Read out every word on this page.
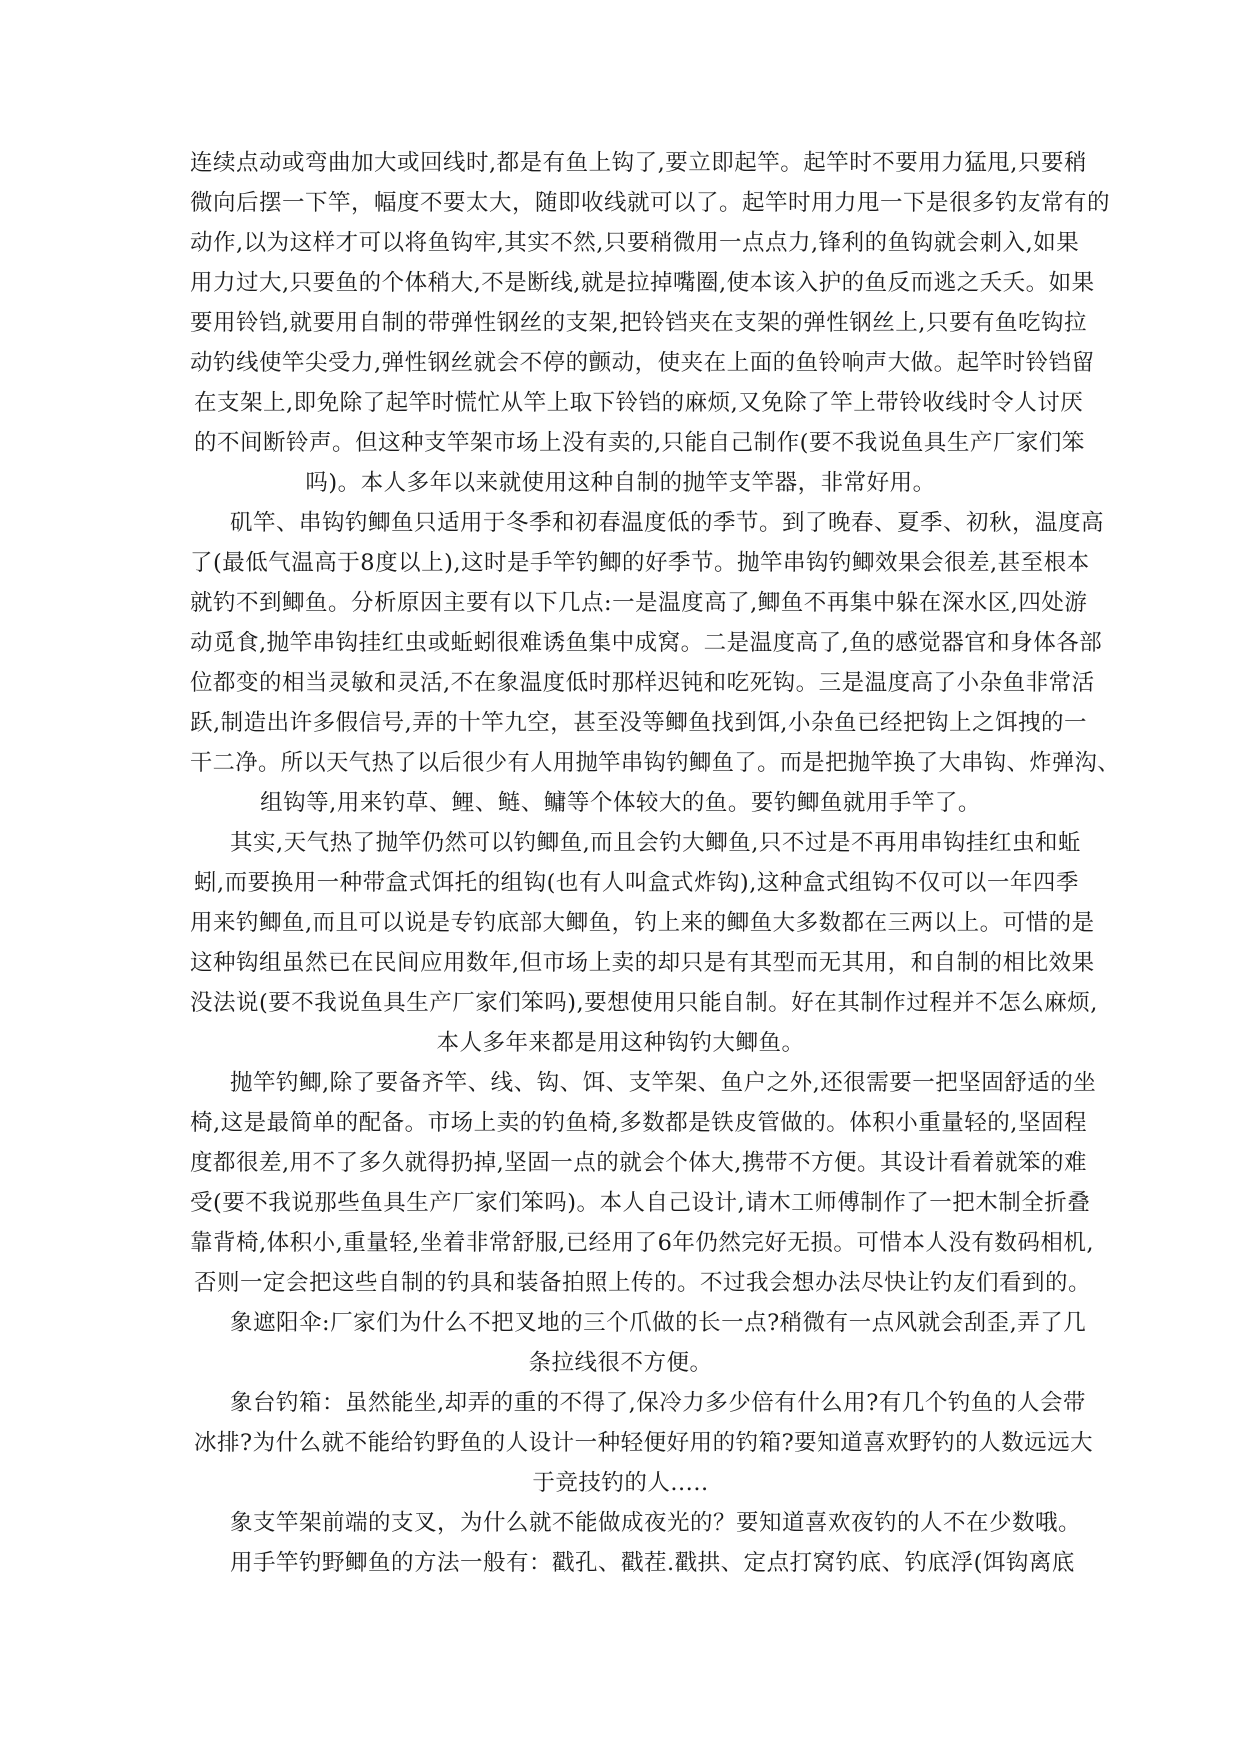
连续点动或弯曲加大或回线时,都是有鱼上钩了,要立即起竿。起竿时不要用力猛甩,只要稍
微向后摆一下竿，幅度不要太大，随即收线就可以了。起竿时用力甩一下是很多钓友常有的
动作,以为这样才可以将鱼钩牢,其实不然,只要稍微用一点点力,锋利的鱼钩就会刺入,如果
用力过大,只要鱼的个体稍大,不是断线,就是拉掉嘴圈,使本该入护的鱼反而逃之夭夭。如果
要用铃铛,就要用自制的带弹性钢丝的支架,把铃铛夹在支架的弹性钢丝上,只要有鱼吃钩拉
动钓线使竿尖受力,弹性钢丝就会不停的颤动，使夹在上面的鱼铃响声大做。起竿时铃铛留
在支架上,即免除了起竿时慌忙从竿上取下铃铛的麻烦,又免除了竿上带铃收线时令人讨厌
的不间断铃声。但这种支竿架市场上没有卖的,只能自己制作(要不我说鱼具生产厂家们笨
吗)。本人多年以来就使用这种自制的抛竿支竿器，非常好用。
矶竿、串钩钓鲫鱼只适用于冬季和初春温度低的季节。到了晚春、夏季、初秋，温度高
了(最低气温高于8度以上),这时是手竿钓鲫的好季节。抛竿串钩钓鲫效果会很差,甚至根本
就钓不到鲫鱼。分析原因主要有以下几点:一是温度高了,鲫鱼不再集中躲在深水区,四处游
动觅食,抛竿串钩挂红虫或蚯蚓很难诱鱼集中成窝。二是温度高了,鱼的感觉器官和身体各部
位都变的相当灵敏和灵活,不在象温度低时那样迟钝和吃死钩。三是温度高了小杂鱼非常活
跃,制造出许多假信号,弄的十竿九空，甚至没等鲫鱼找到饵,小杂鱼已经把钩上之饵拽的一
干二净。所以天气热了以后很少有人用抛竿串钩钓鲫鱼了。而是把抛竿换了大串钩、炸弹沟、
组钩等,用来钓草、鲤、鲢、鳙等个体较大的鱼。要钓鲫鱼就用手竿了。
其实,天气热了抛竿仍然可以钓鲫鱼,而且会钓大鲫鱼,只不过是不再用串钩挂红虫和蚯
蚓,而要换用一种带盒式饵托的组钩(也有人叫盒式炸钩),这种盒式组钩不仅可以一年四季
用来钓鲫鱼,而且可以说是专钓底部大鲫鱼，钓上来的鲫鱼大多数都在三两以上。可惜的是
这种钩组虽然已在民间应用数年,但市场上卖的却只是有其型而无其用，和自制的相比效果
没法说(要不我说鱼具生产厂家们笨吗),要想使用只能自制。好在其制作过程并不怎么麻烦,
本人多年来都是用这种钩钓大鲫鱼。
抛竿钓鲫,除了要备齐竿、线、钩、饵、支竿架、鱼户之外,还很需要一把坚固舒适的坐
椅,这是最简单的配备。市场上卖的钓鱼椅,多数都是铁皮管做的。体积小重量轻的,坚固程
度都很差,用不了多久就得扔掉,坚固一点的就会个体大,携带不方便。其设计看着就笨的难
受(要不我说那些鱼具生产厂家们笨吗)。本人自己设计,请木工师傅制作了一把木制全折叠
靠背椅,体积小,重量轻,坐着非常舒服,已经用了6年仍然完好无损。可惜本人没有数码相机,
否则一定会把这些自制的钓具和装备拍照上传的。不过我会想办法尽快让钓友们看到的。
象遮阳伞:厂家们为什么不把叉地的三个爪做的长一点?稍微有一点风就会刮歪,弄了几
条拉线很不方便。
象台钓箱：虽然能坐,却弄的重的不得了,保冷力多少倍有什么用?有几个钓鱼的人会带
冰排?为什么就不能给钓野鱼的人设计一种轻便好用的钓箱?要知道喜欢野钓的人数远远大
于竞技钓的人.....
象支竿架前端的支叉，为什么就不能做成夜光的？要知道喜欢夜钓的人不在少数哦。
用手竿钓野鲫鱼的方法一般有：戳孔、戳茬.戳拱、定点打窝钓底、钓底浮(饵钩离底
